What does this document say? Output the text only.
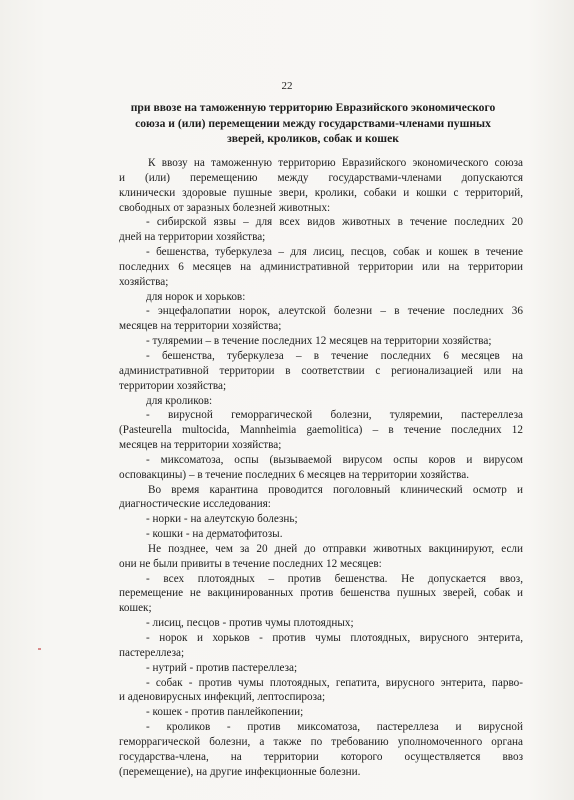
22
при ввозе на таможенную территорию Евразийского экономического
союза и (или) перемещении между государствами-членами пушных
зверей, кроликов, собак и кошек
К ввозу на таможенную территорию Евразийского экономического союза
и (или) перемещению между государствами-членами допускаются
клинически здоровые пушные звери, кролики, собаки и кошки с территорий,
свободных от заразных болезней животных:
- сибирской язвы – для всех видов животных в течение последних 20
дней на территории хозяйства;
- бешенства, туберкулеза – для лисиц, песцов, собак и кошек в течение
последних 6 месяцев на административной территории или на территории
хозяйства;
для норок и хорьков:
- энцефалопатии норок, алеутской болезни – в течение последних 36
месяцев на территории хозяйства;
- туляремии – в течение последних 12 месяцев на территории хозяйства;
- бешенства, туберкулеза – в течение последних 6 месяцев на
административной территории в соответствии с регионализацией или на
территории хозяйства;
для кроликов:
- вирусной геморрагической болезни, туляремии, пастереллеза
(Pasteurella multocida, Mannheimia gaemolitica) – в течение последних 12
месяцев на территории хозяйства;
- миксоматоза, оспы (вызываемой вирусом оспы коров и вирусом
осповакцины) – в течение последних 6 месяцев на территории хозяйства.
Во время карантина проводится поголовный клинический осмотр и
диагностические исследования:
- норки - на алеутскую болезнь;
- кошки - на дерматофитозы.
Не позднее, чем за 20 дней до отправки животных вакцинируют, если
они не были привиты в течение последних 12 месяцев:
- всех плотоядных – против бешенства. Не допускается ввоз,
перемещение не вакцинированных против бешенства пушных зверей, собак и
кошек;
- лисиц, песцов - против чумы плотоядных;
- норок и хорьков - против чумы плотоядных, вирусного энтерита,
пастереллеза;
- нутрий - против пастереллеза;
- собак - против чумы плотоядных, гепатита, вирусного энтерита, парво-
и аденовирусных инфекций, лептоспироза;
- кошек - против панлейкопении;
- кроликов - против миксоматоза, пастереллеза и вирусной
геморрагической болезни, а также по требованию уполномоченного органа
государства-члена, на территории которого осуществляется ввоз
(перемещение), на другие инфекционные болезни.
